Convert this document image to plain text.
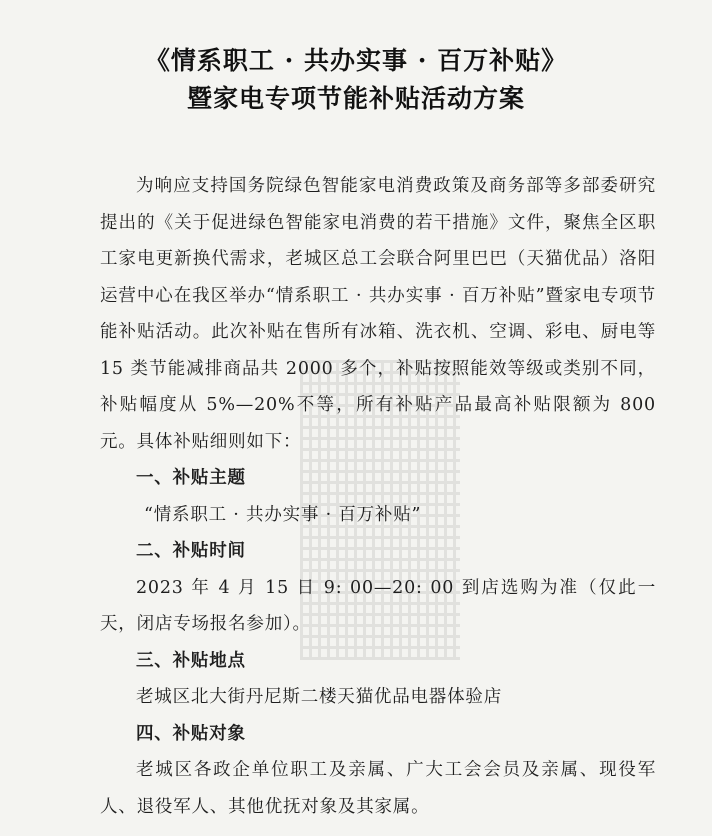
《情系职工 · 共办实事 · 百万补贴》
暨家电专项节能补贴活动方案

为响应支持国务院绿色智能家电消费政策及商务部等多部委研究提出的《关于促进绿色智能家电消费的若干措施》文件，聚焦全区职工家电更新换代需求，老城区总工会联合阿里巴巴（天猫优品）洛阳运营中心在我区举办“情系职工 · 共办实事 · 百万补贴”暨家电专项节能补贴活动。此次补贴在售所有冰箱、洗衣机、空调、彩电、厨电等 15 类节能减排商品共 2000 多个，补贴按照能效等级或类别不同，补贴幅度从 5%—20%不等，所有补贴产品最高补贴限额为 800 元。具体补贴细则如下：

一、补贴主题

“情系职工 · 共办实事 · 百万补贴”

二、补贴时间

2023 年 4 月 15 日 9: 00—20: 00 到店选购为准（仅此一天，闭店专场报名参加）。

三、补贴地点

老城区北大街丹尼斯二楼天猫优品电器体验店

四、补贴对象

老城区各政企单位职工及亲属、广大工会会员及亲属、现役军人、退役军人、其他优抚对象及其家属。
